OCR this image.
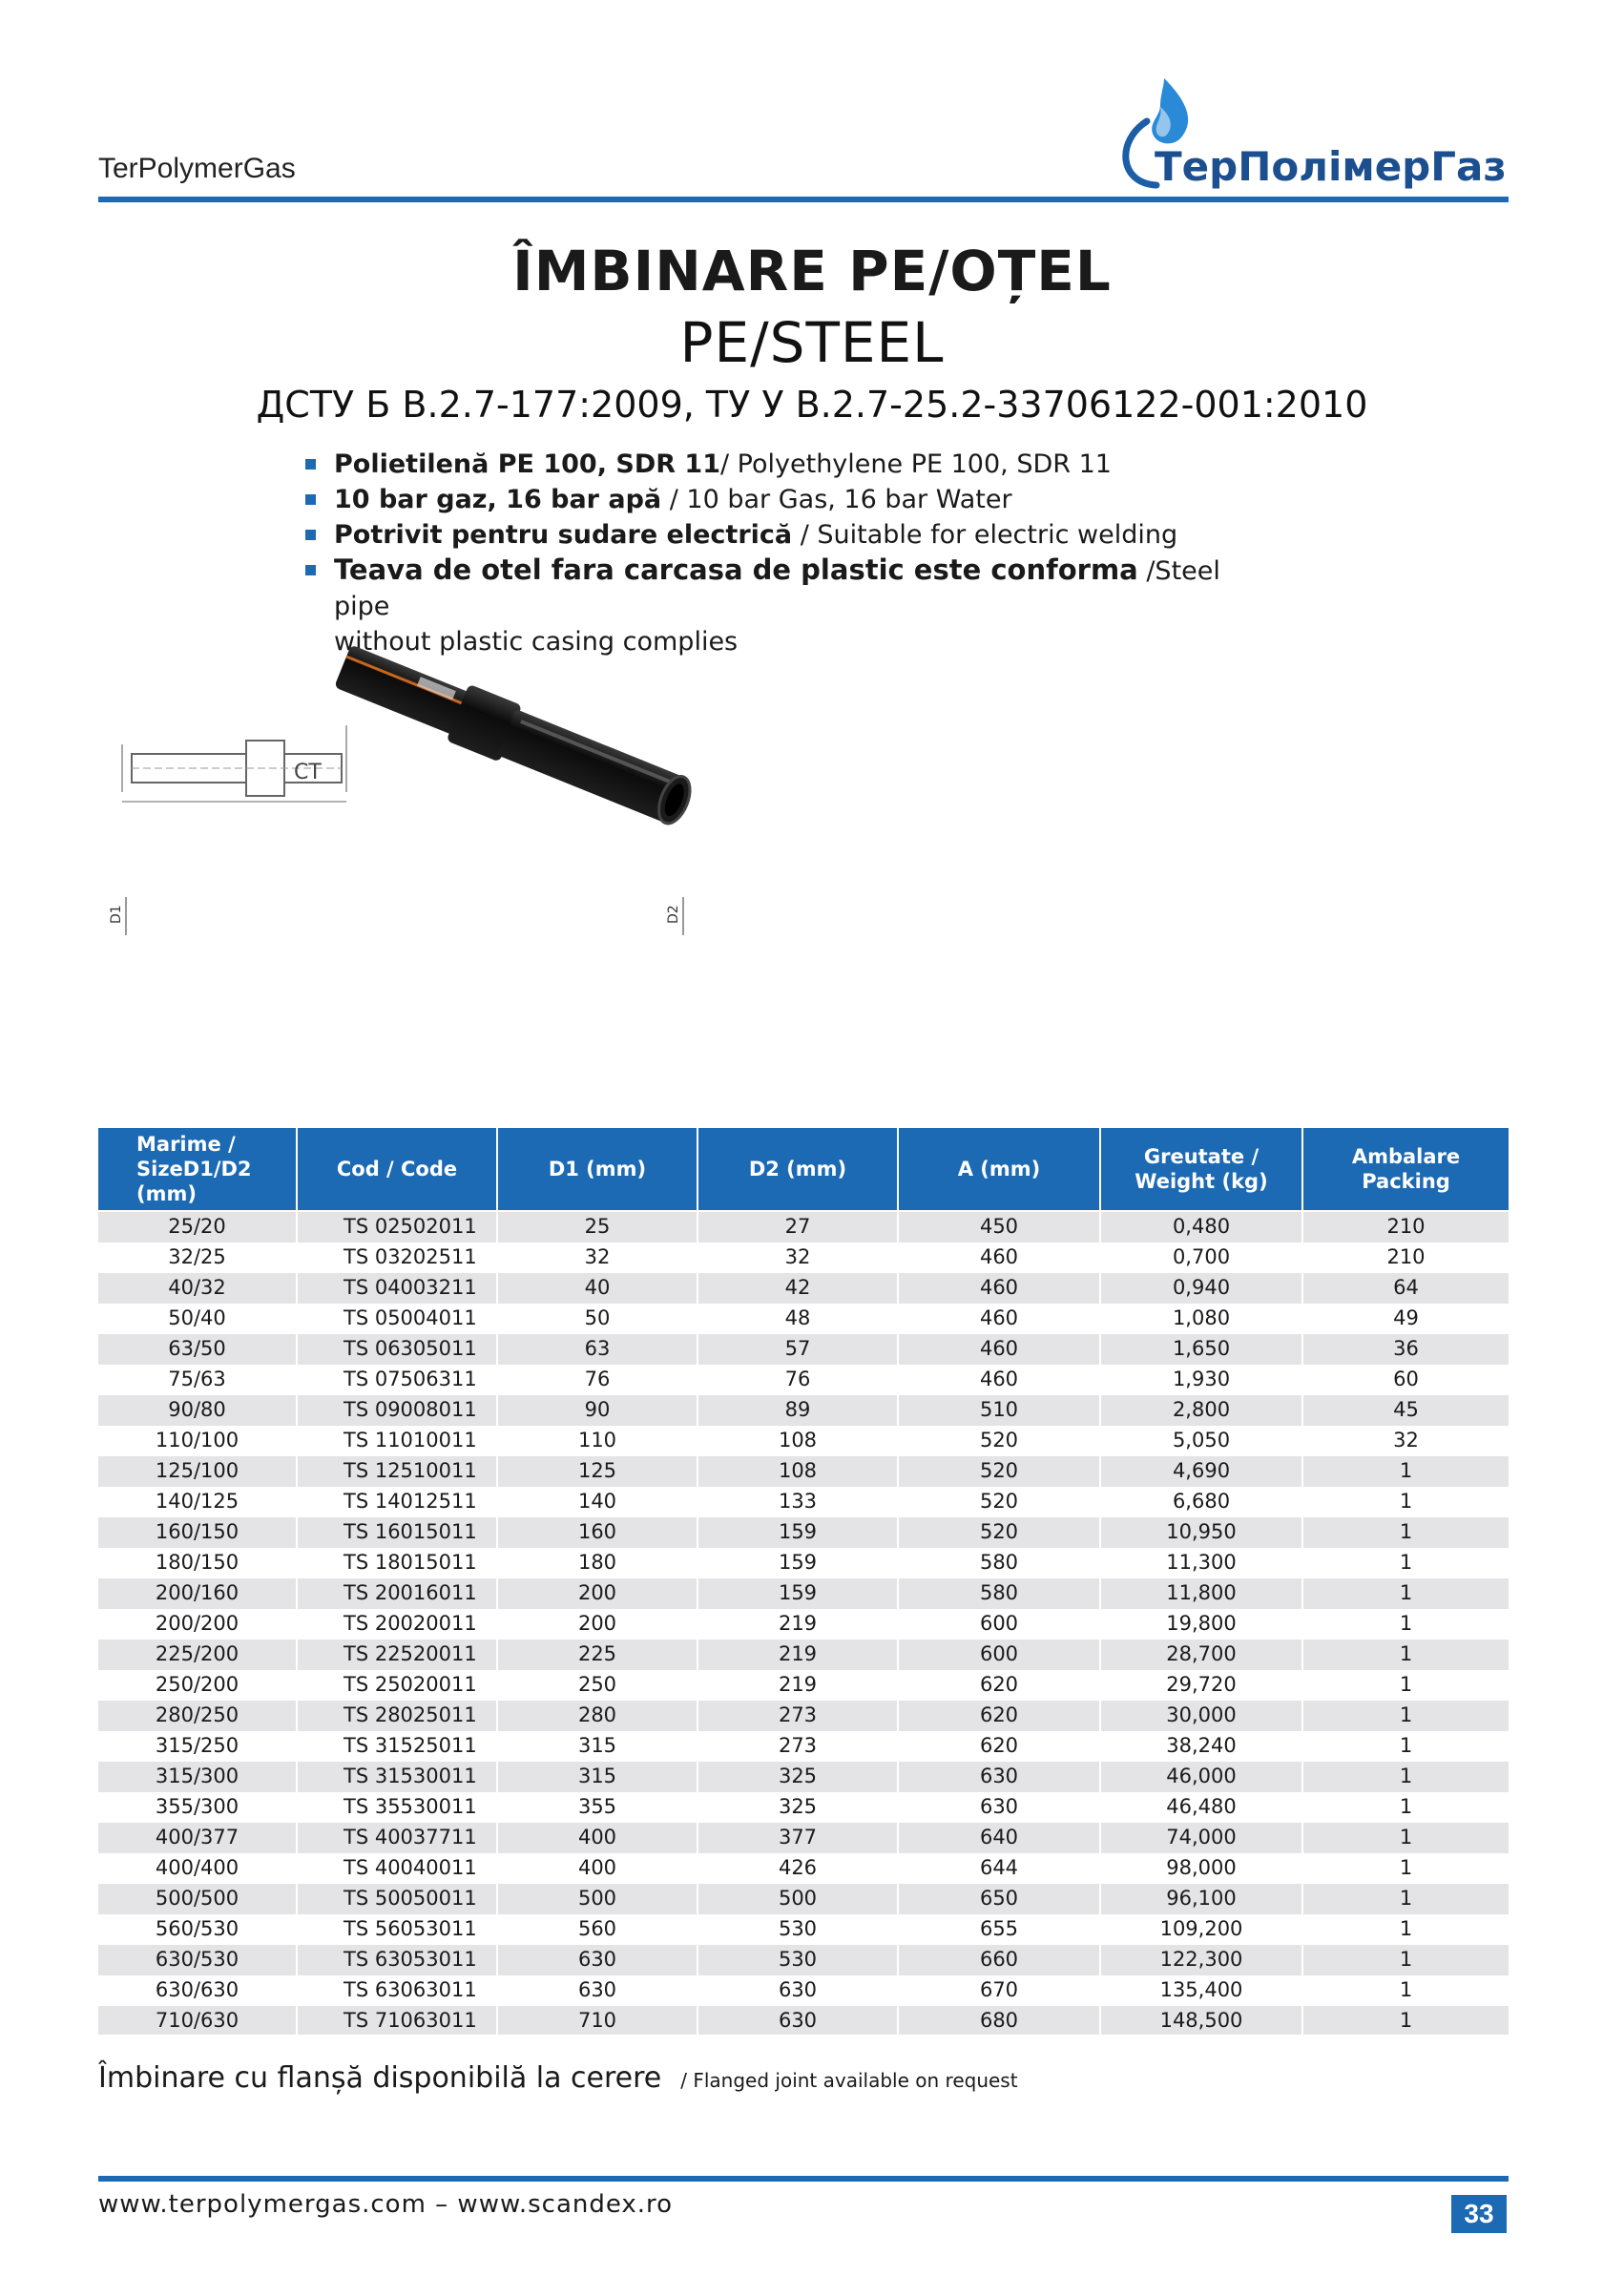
TerPolymerGas	ТерПолімерГаз
ÎMBINARE PE/OȚEL
PE/STEEL
ДСТУ Б В.2.7-177:2009, ТУ У В.2.7-25.2-33706122-001:2010
Polietilenă PE 100, SDR 11/ Polyethylene PE 100, SDR 11
10 bar gaz, 16 bar apă / 10 bar Gas, 16 bar Water
Potrivit pentru sudare electrică / Suitable for electric welding
Teava de otel fara carcasa de plastic este conforma /Steel pipe
without plastic casing complies
CT
D1	D2
Marime / SizeD1/D2 (mm)	Cod / Code	D1 (mm)	D2 (mm)	A (mm)	Greutate / Weight (kg)	Ambalare Packing
25/20	TS 02502011	25	27	450	0,480	210
32/25	TS 03202511	32	32	460	0,700	210
40/32	TS 04003211	40	42	460	0,940	64
50/40	TS 05004011	50	48	460	1,080	49
63/50	TS 06305011	63	57	460	1,650	36
75/63	TS 07506311	76	76	460	1,930	60
90/80	TS 09008011	90	89	510	2,800	45
110/100	TS 11010011	110	108	520	5,050	32
125/100	TS 12510011	125	108	520	4,690	1
140/125	TS 14012511	140	133	520	6,680	1
160/150	TS 16015011	160	159	520	10,950	1
180/150	TS 18015011	180	159	580	11,300	1
200/160	TS 20016011	200	159	580	11,800	1
200/200	TS 20020011	200	219	600	19,800	1
225/200	TS 22520011	225	219	600	28,700	1
250/200	TS 25020011	250	219	620	29,720	1
280/250	TS 28025011	280	273	620	30,000	1
315/250	TS 31525011	315	273	620	38,240	1
315/300	TS 31530011	315	325	630	46,000	1
355/300	TS 35530011	355	325	630	46,480	1
400/377	TS 40037711	400	377	640	74,000	1
400/400	TS 40040011	400	426	644	98,000	1
500/500	TS 50050011	500	500	650	96,100	1
560/530	TS 56053011	560	530	655	109,200	1
630/530	TS 63053011	630	530	660	122,300	1
630/630	TS 63063011	630	630	670	135,400	1
710/630	TS 71063011	710	630	680	148,500	1
Îmbinare cu flanșă disponibilă la cerere / Flanged joint available on request
www.terpolymergas.com – www.scandex.ro	33
